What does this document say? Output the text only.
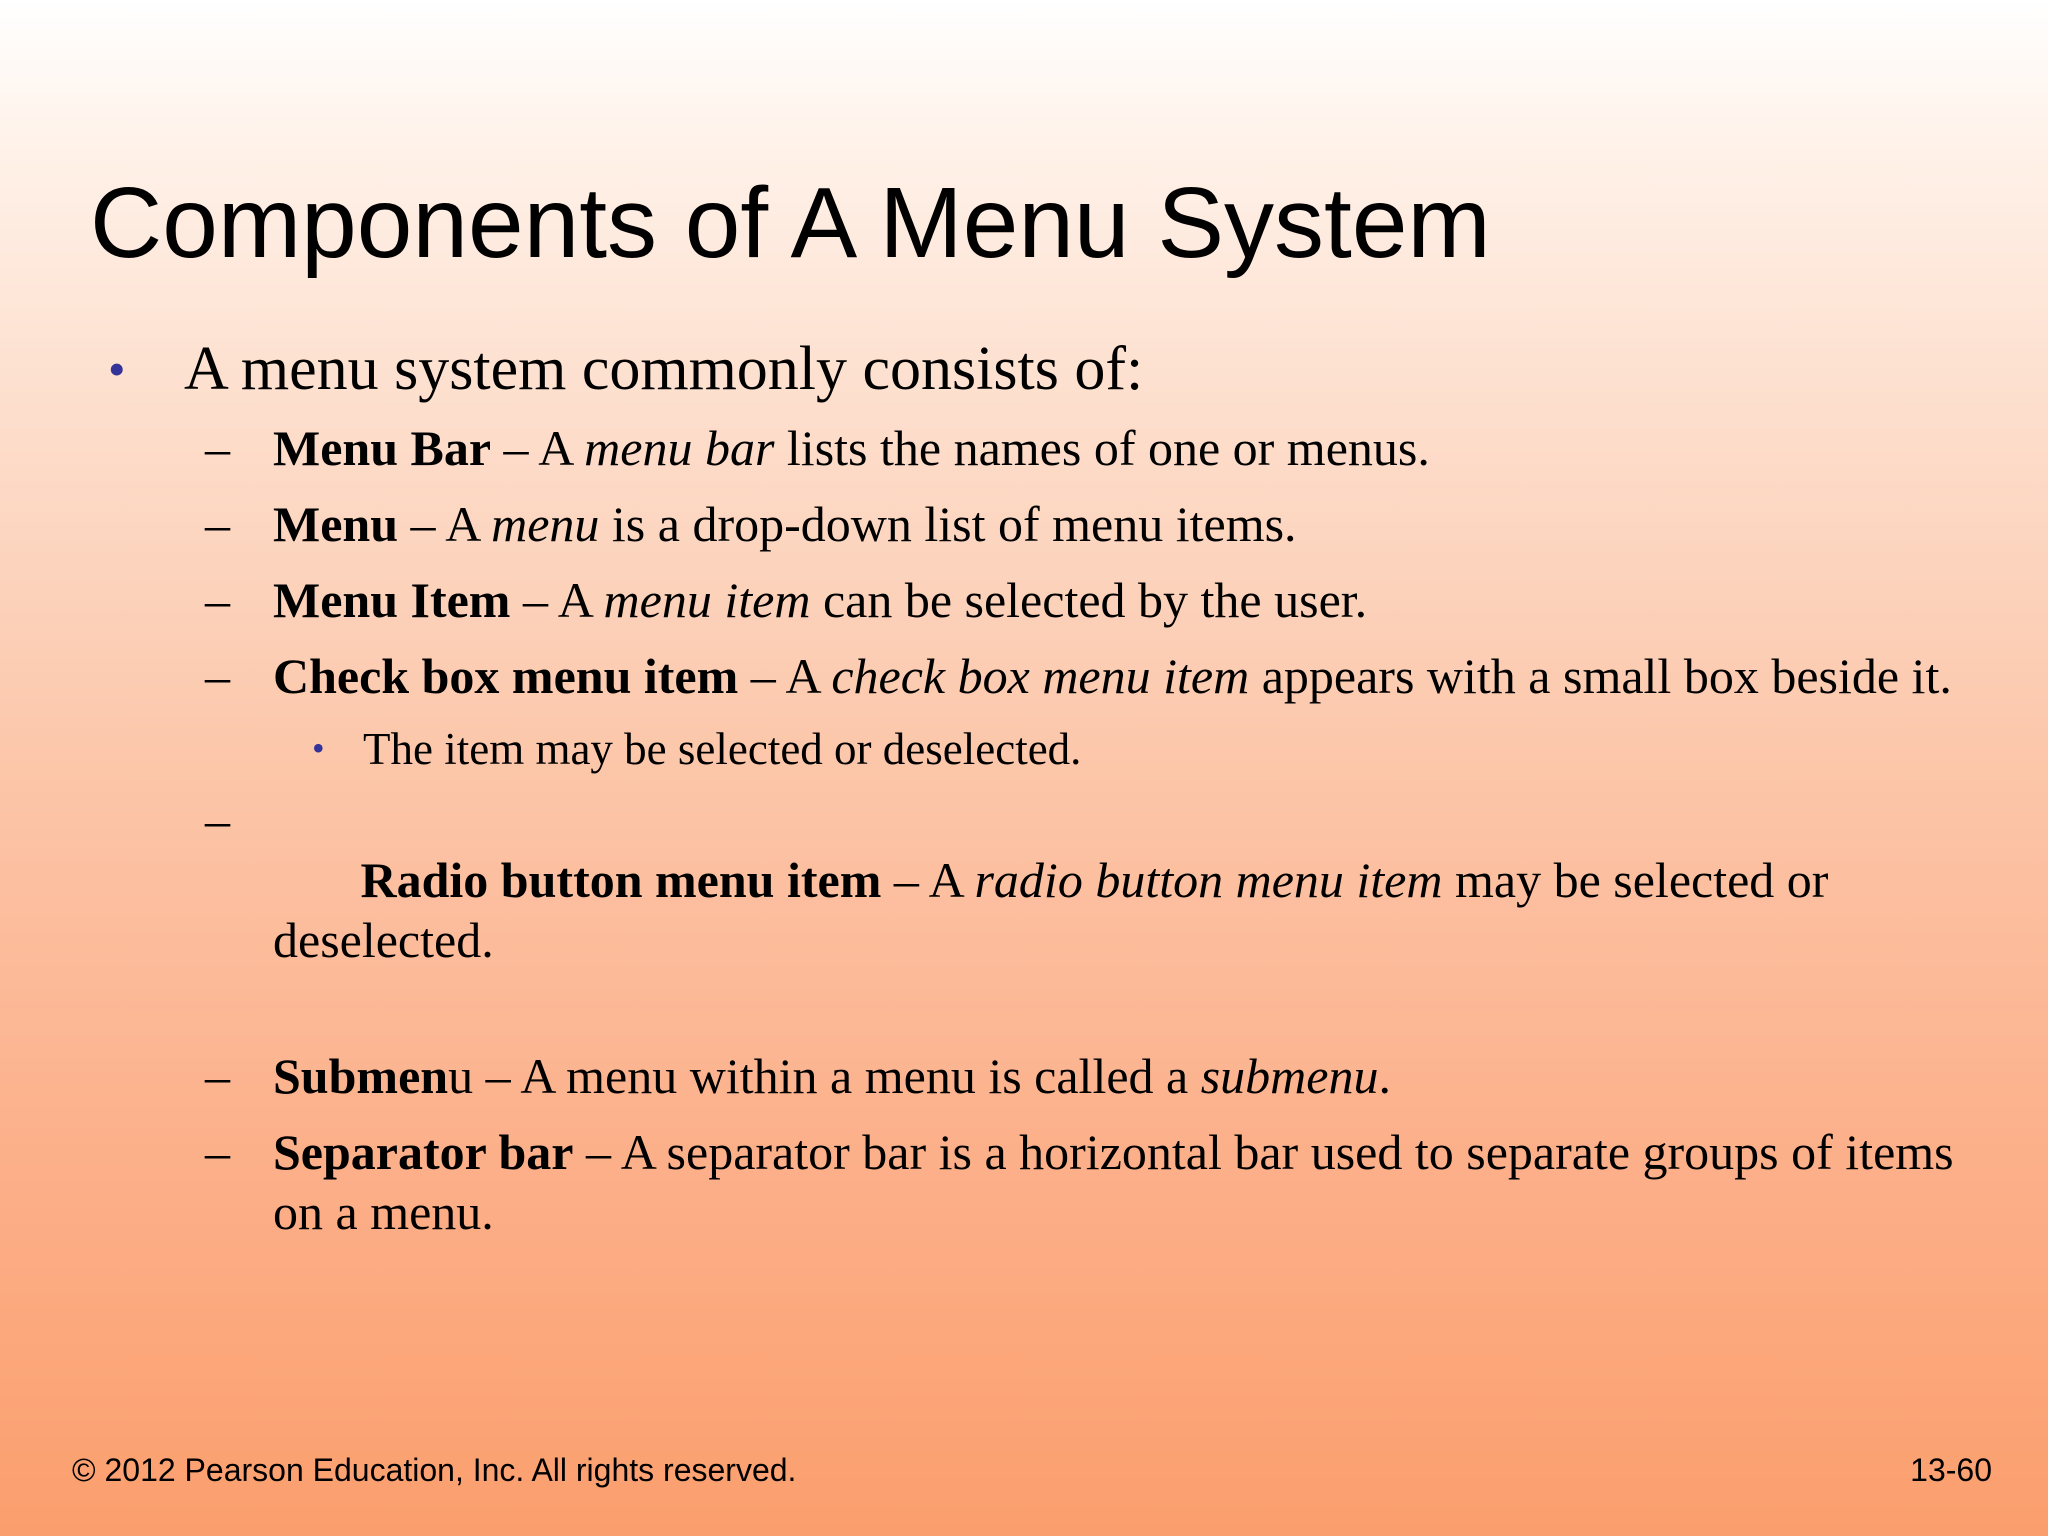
Components of A Menu System
• A menu system commonly consists of:
– Menu Bar – A menu bar lists the names of one or menus.
– Menu – A menu is a drop-down list of menu items.
– Menu Item – A menu item can be selected by the user.
– Check box menu item – A check box menu item appears with a small box beside it.
• The item may be selected or deselected.

–
Radio button menu item – A radio button menu item may be selected or deselected.

– Submenu – A menu within a menu is called a submenu.
– Separator bar – A separator bar is a horizontal bar used to separate groups of items on a menu.
© 2012 Pearson Education, Inc. All rights reserved.	13-60
